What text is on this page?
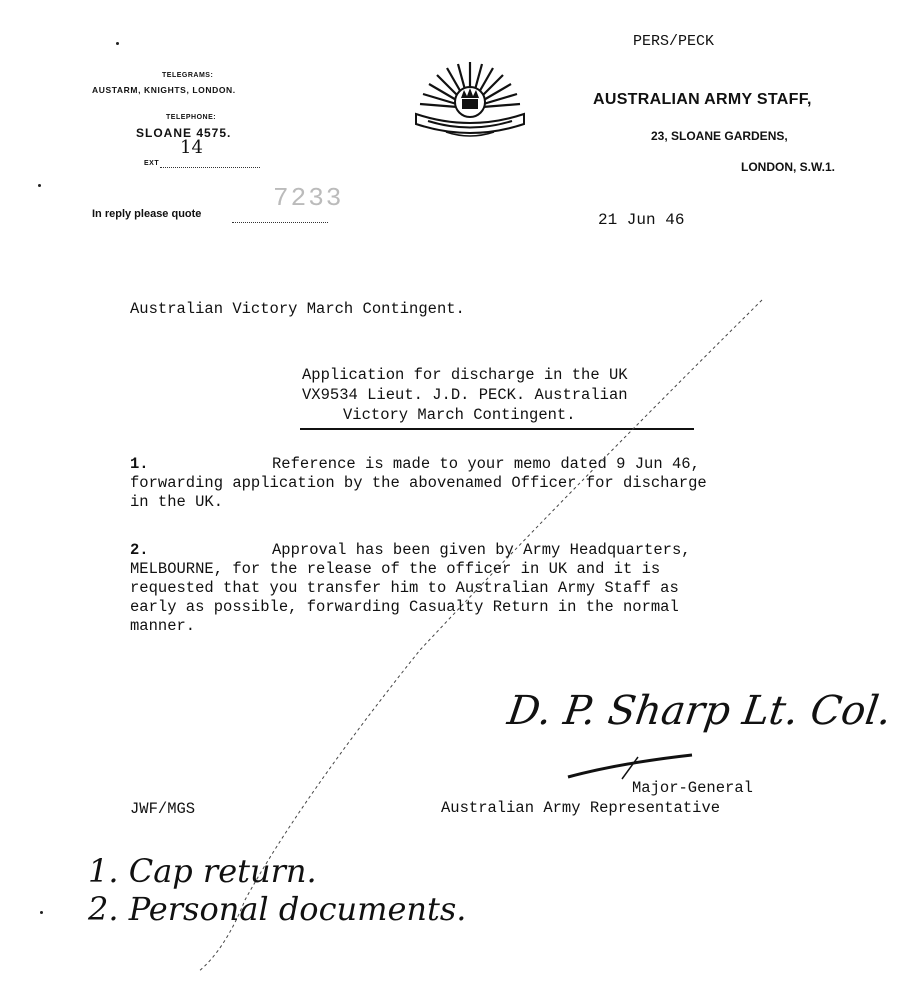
PERS/PECK
TELEGRAMS:
AUSTARM, KNIGHTS, LONDON.
TELEPHONE:
SLOANE 4575.
14
EXT
AUSTRALIAN ARMY STAFF,
23, SLOANE GARDENS,
LONDON, S.W.1.
In reply please quote
7233
21 Jun 46
Australian Victory March Contingent.
Application for discharge in the UK
VX9534 Lieut. J.D. PECK. Australian
Victory March Contingent.
1.	Reference is made to your memo dated 9 Jun 46,
forwarding application by the abovenamed Officer for discharge
in the UK.
2.	Approval has been given by Army Headquarters,
MELBOURNE, for the release of the officer in UK and it is
requested that you transfer him to Australian Army Staff as
early as possible, forwarding Casualty Return in the normal
manner.
D. P. Sharp Lt. Col.
Major-General
Australian Army Representative
JWF/MGS
1. Cap return.
2. Personal documents.
